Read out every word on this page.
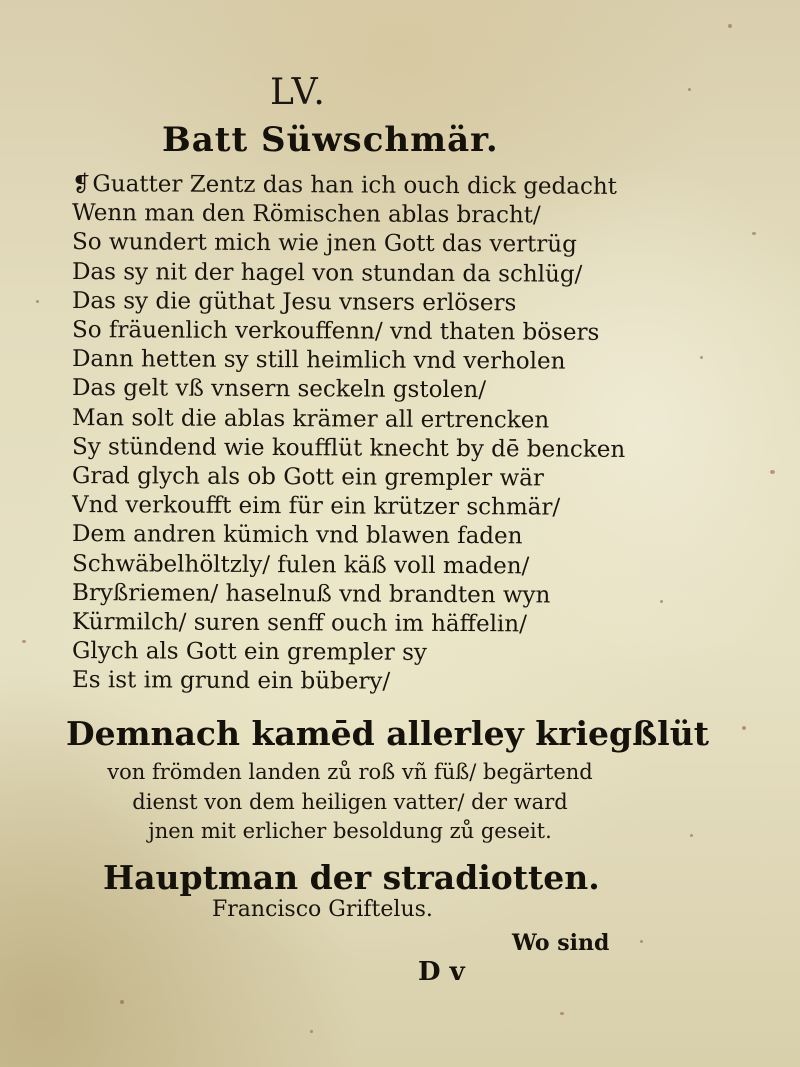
LV.
Batt Süwschmär.
❡ Guatter Zentz das han ich ouch dick gedacht
Wenn man den Römischen ablas bracht/
So wundert mich wie jnen Gott das vertrüg
Das sy nit der hagel von stundan da schlüg/
Das sy die güthat Jesu vnsers erlösers
So fräuenlich verkouffenn/ vnd thaten bösers
Dann hetten sy still heimlich vnd verholen
Das gelt vß vnsern seckeln gstolen/
Man solt die ablas krämer all ertrencken
Sy stündend wie koufflüt knecht by dē bencken
Grad glych als ob Gott ein grempler wär
Vnd verkoufft eim für ein krützer schmär/
Dem andren kümich vnd blawen faden
Schwäbelhöltzly/ fulen käß voll maden/
Bryßriemen/ haselnuß vnd brandten wyn
Kürmilch/ suren senff ouch im häffelin/
Glych als Gott ein grempler sy
Es ist im grund ein bübery/
Demnach kamēd allerley kriegßlüt
von frömden landen zů roß vñ füß/ begärtend
dienst von dem heiligen vatter/ der ward
jnen mit erlicher besoldung zů geseit.
Hauptman der stradiotten.
Francisco Griftelus.
Wo sind
D v
